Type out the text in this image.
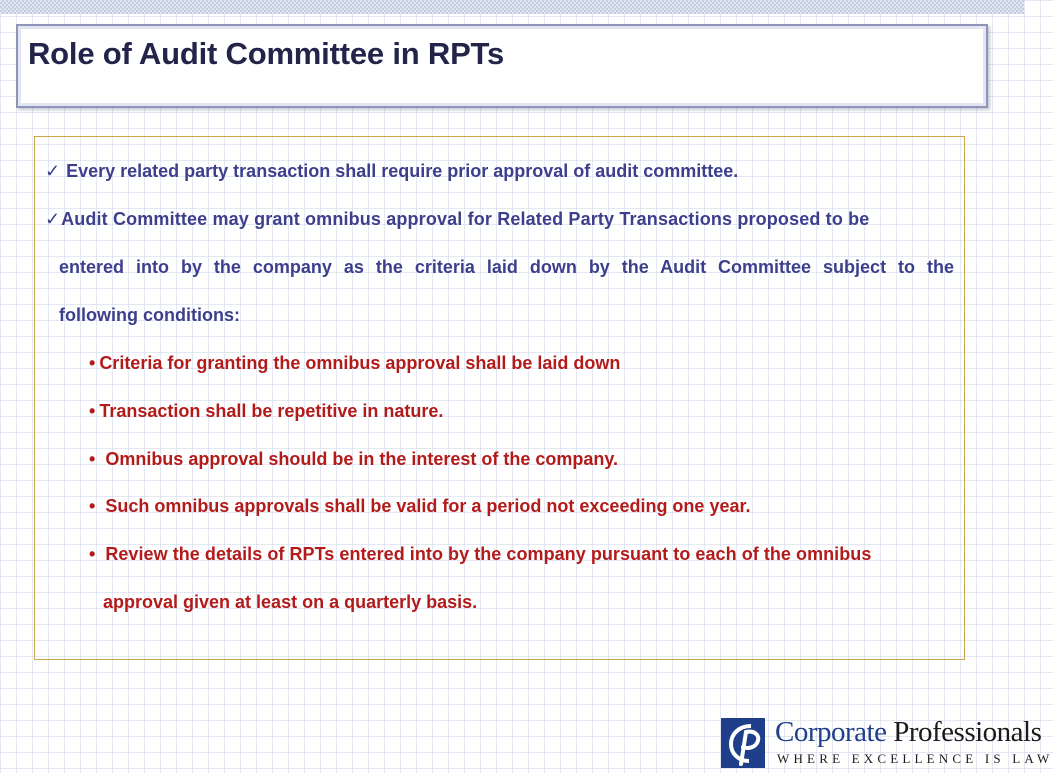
Role of Audit Committee in RPTs
✓ Every related party transaction shall require prior approval of audit committee.
✓Audit Committee may grant omnibus approval for Related Party Transactions proposed to be
entered into by the company as the criteria laid down by the Audit Committee subject to the
following conditions:
• Criteria for granting the omnibus approval shall be laid down
• Transaction shall be repetitive in nature.
• Omnibus approval should be in the interest of the company.
• Such omnibus approvals shall be valid for a period not exceeding one year.
• Review the details of RPTs entered into by the company pursuant to each of the omnibus
approval given at least on a quarterly basis.

Corporate Professionals

WHERE EXCELLENCE IS LAW
